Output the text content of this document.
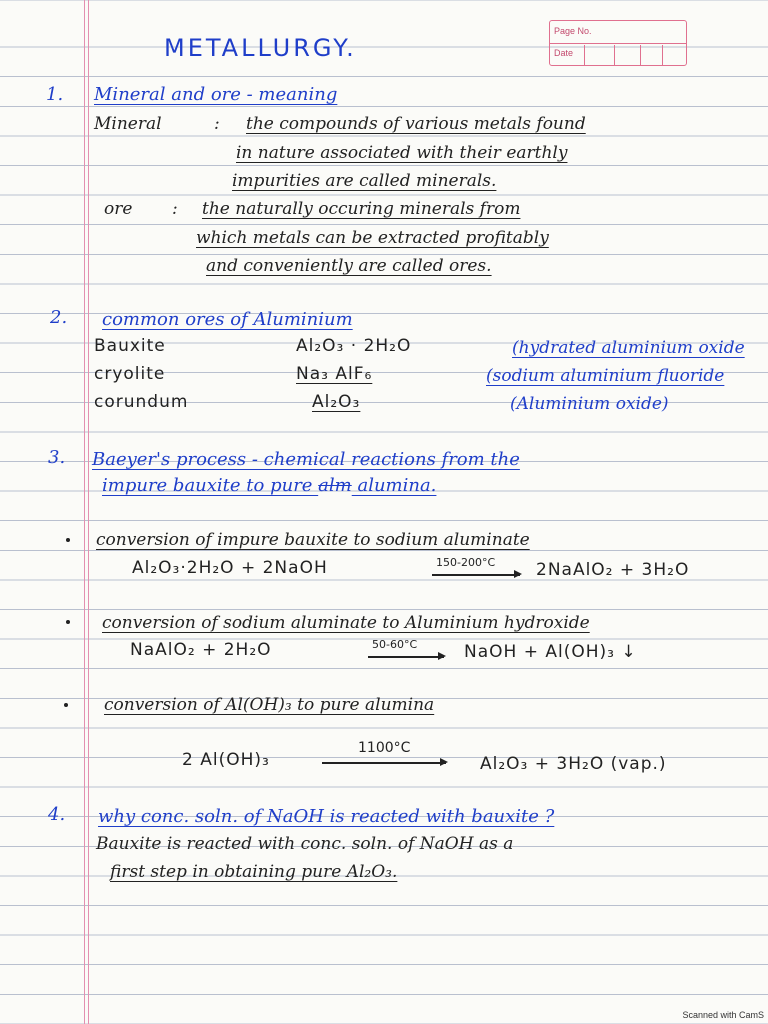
Page No.
Date
METALLURGY.
1. Mineral and ore - meaning
Mineral	: the compounds of various metals found
in nature associated with their earthly
impurities are called minerals.
ore : the naturally occuring minerals from
which metals can be extracted profitably
and conveniently are called ores.
2. common ores of Aluminium
Bauxite	Al₂O₃ · 2H₂O	(hydrated aluminium oxide
cryolite	Na₃ AlF₆	(sodium aluminium fluoride
corundum	Al₂O₃	(Aluminium oxide)
3. Baeyer's process - chemical reactions from the
impure bauxite to pure alm alumina.
conversion of impure bauxite to sodium aluminate
Al₂O₃·2H₂O + 2NaOH	150-200°C 2NaAlO₂ + 3H₂O
conversion of sodium aluminate to Aluminium hydroxide
NaAlO₂ + 2H₂O	50-60°C	NaOH + Al(OH)₃ ↓
conversion of Al(OH)₃ to pure alumina
2 Al(OH)₃
1100°C
Al₂O₃ + 3H₂O (vap.)
4. why conc. soln. of NaOH is reacted with bauxite ?
Bauxite is reacted with conc. soln. of NaOH as a
first step in obtaining pure Al₂O₃.
Scanned with CamS
